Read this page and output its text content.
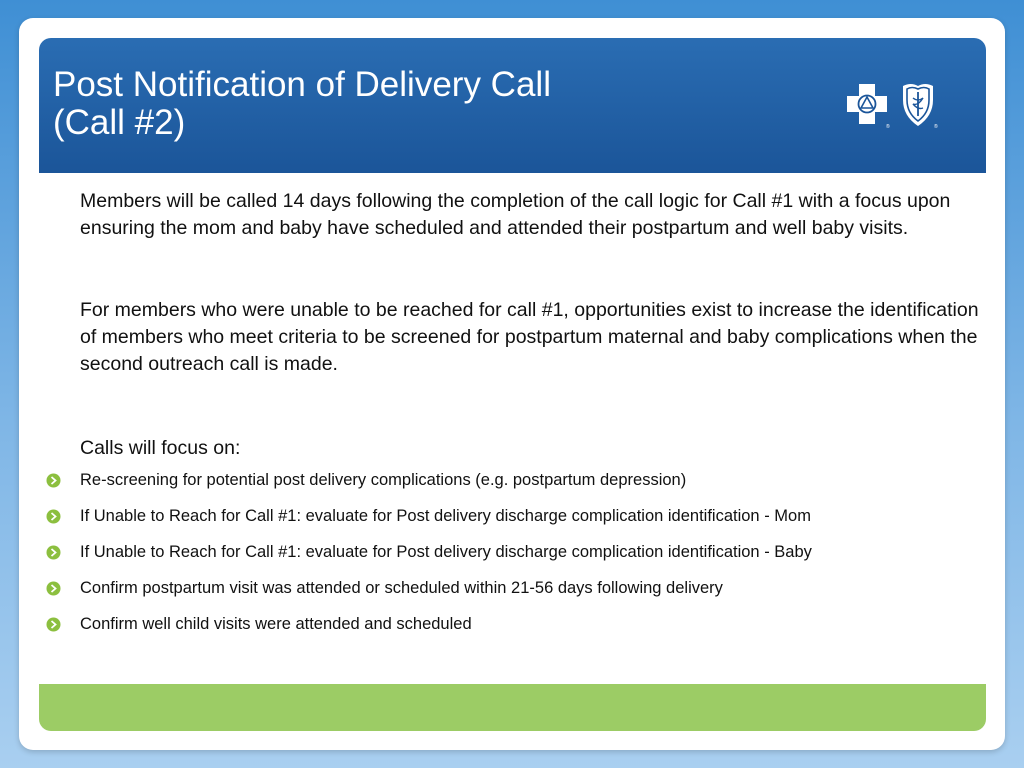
Post Notification of Delivery Call
(Call #2)	®	®

Members will be called 14 days following the completion of the call logic for Call #1 with a focus upon ensuring the mom and baby have scheduled and attended their postpartum and well baby visits.

For members who were unable to be reached for call #1, opportunities exist to increase the identification of members who meet criteria to be screened for postpartum maternal and baby complications when the second outreach call is made.

Calls will focus on:

Re-screening for potential post delivery complications (e.g. postpartum depression)
If Unable to Reach for Call #1: evaluate for Post delivery discharge complication identification - Mom
If Unable to Reach for Call #1: evaluate for Post delivery discharge complication identification - Baby
Confirm postpartum visit was attended or scheduled within 21-56 days following delivery
Confirm well child visits were attended and scheduled
